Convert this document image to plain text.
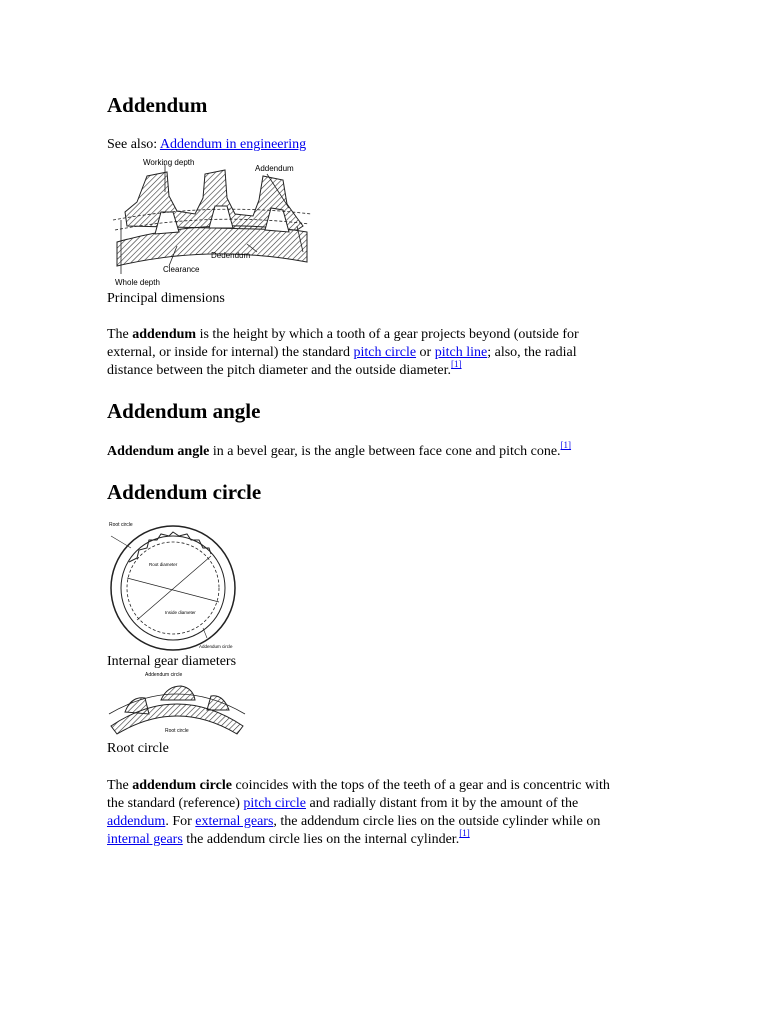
Addendum
See also: Addendum in engineering
Working depth
Addendum
Dedendum
Clearance
Whole depth
Principal dimensions

The addendum is the height by which a tooth of a gear projects beyond (outside for

external, or inside for internal) the standard pitch circle or pitch line; also, the radial

distance between the pitch diameter and the outside diameter.[1]

Addendum angle
Addendum angle in a bevel gear, is the angle between face cone and pitch cone.[1]
Addendum circle
Root circle
Root diameter
Inside diameter
Addendum circle
Internal gear diameters
Addendum circle
Root circle
Root circle

The addendum circle coincides with the tops of the teeth of a gear and is concentric with

the standard (reference) pitch circle and radially distant from it by the amount of the

addendum. For external gears, the addendum circle lies on the outside cylinder while on

internal gears the addendum circle lies on the internal cylinder.[1]
